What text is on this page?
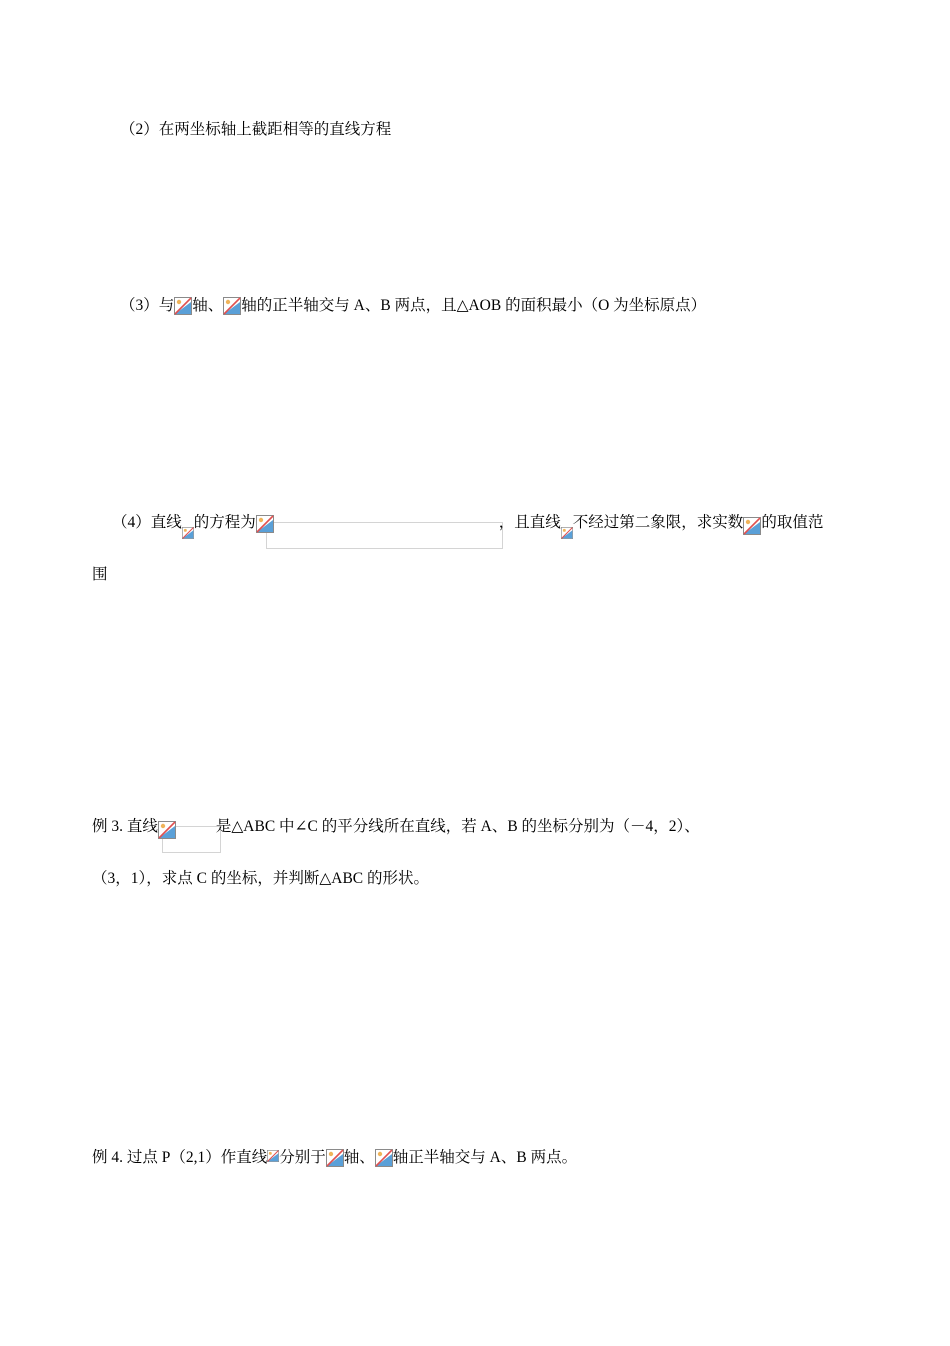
（2）在两坐标轴上截距相等的直线方程
（3）与 轴、 轴的正半轴交与 A、B 两点，且△AOB 的面积最小（O 为坐标原点）
（4）直线 的方程为	，且直线 不经过第二象限，求实数 的取值范
围
例 3. 直线	是△ABC 中∠C 的平分线所在直线，若 A、B 的坐标分别为（－4，2）、
（3，1），求点 C 的坐标，并判断△ABC 的形状。
例 4. 过点 P（2,1）作直线 分别于 轴、 轴正半轴交与 A、B 两点。
